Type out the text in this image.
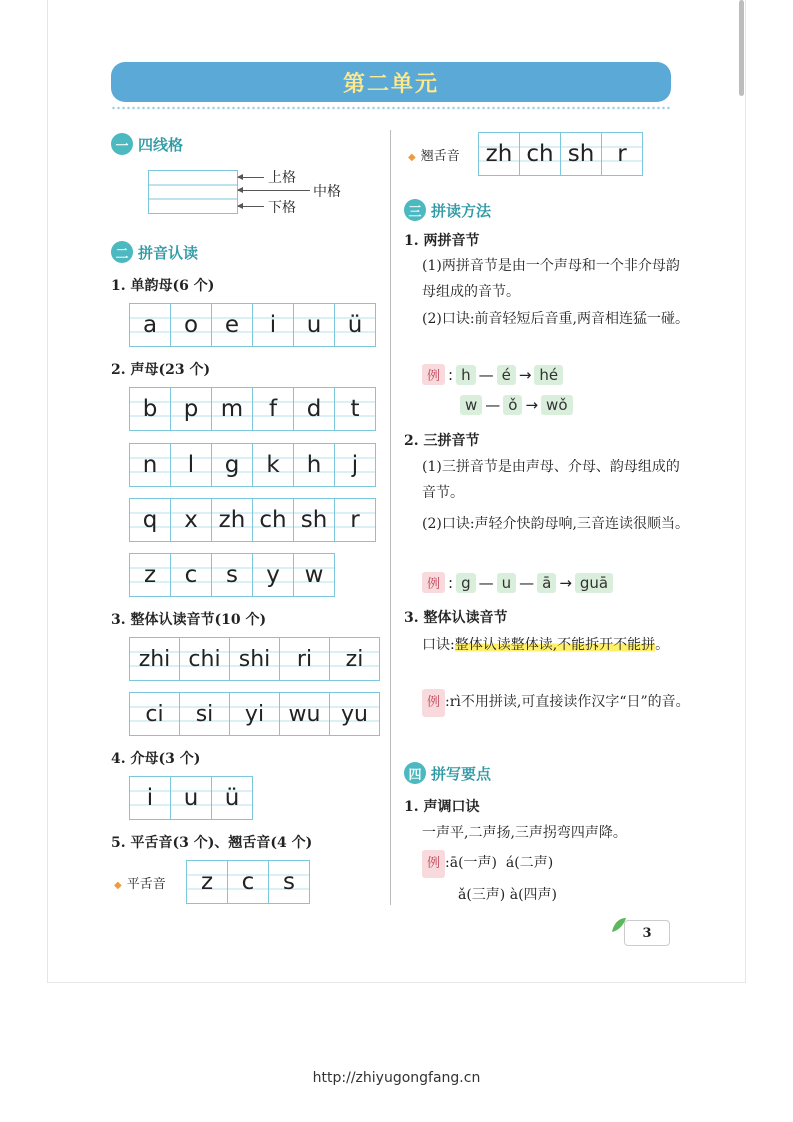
第二单元
一 四线格
上格
中格
下格
二 拼音认读
1. 单韵母(6 个)
a	o	e	i	u	ü
2. 声母(23 个)
b	p m	f	d	t
n	l	g	k	h	j
q	x zh ch sh r
z	c	s	y	w
3. 整体认读音节(10 个)
zhi chi shi	ri	zi
ci	si	yi	wu yu
4. 介母(3 个)
i	u	ü
5. 平舌音(3 个)、翘舌音(4 个)
◆ 平舌音	z	c	s
◆ 翘舌音 zh ch sh r
三 拼读方法
1. 两拼音节
(1)两拼音节是由一个声母和一个非介母韵母组成的音节。
(2)口诀:前音轻短后音重,两音相连猛一碰。
例 : h — é → hé
w — ǒ → wǒ
2. 三拼音节
(1)三拼音节是由声母、介母、韵母组成的音节。
(2)口诀:声轻介快韵母响,三音连读很顺当。
例 : g — u — ā → guā
3. 整体认读音节
口诀:整体认读整体读,不能拆开不能拼。
例 :rì不用拼读,可直接读作汉字“日”的音。
四 拼写要点
1. 声调口诀
一声平,二声扬,三声拐弯四声降。
例 :ā(一声)  á(二声)
ǎ(三声) à(四声)
3
http://zhiyugongfang.cn
